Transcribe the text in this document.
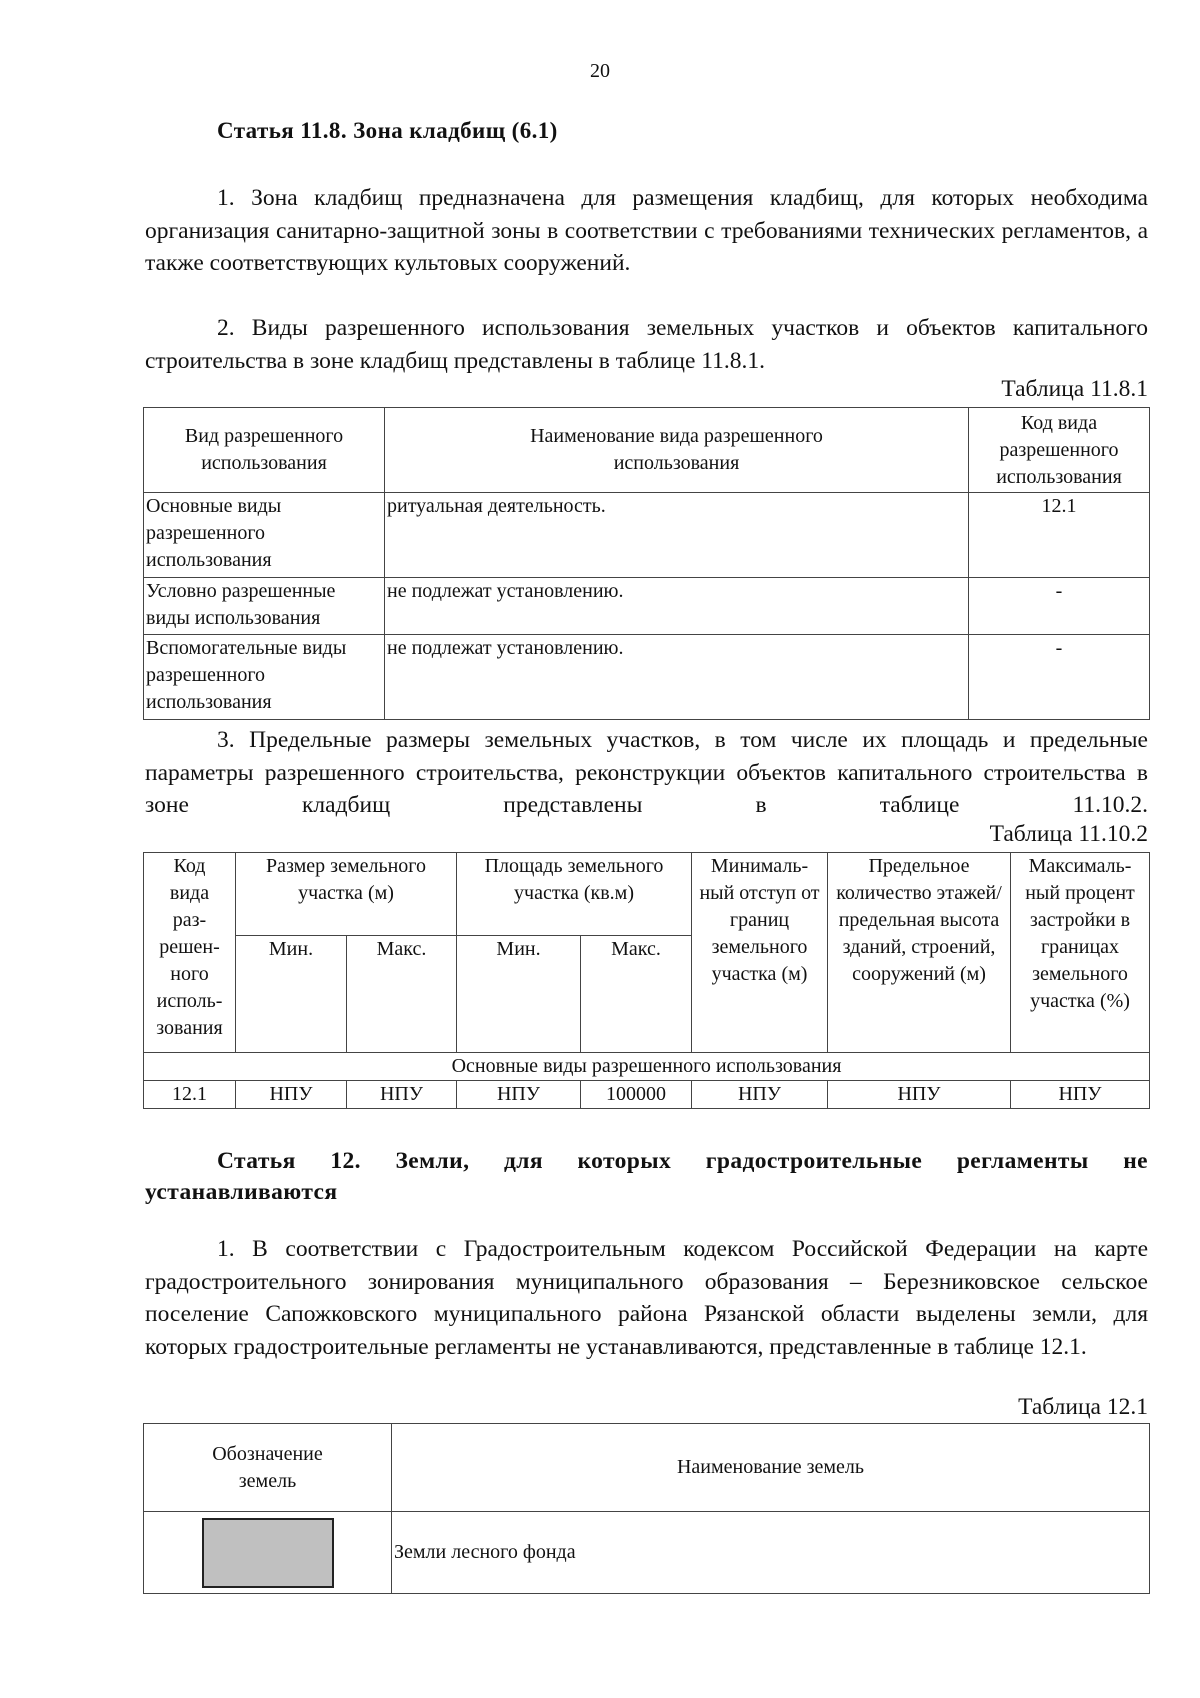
20
Статья 11.8. Зона кладбищ (6.1)
1. Зона кладбищ предназначена для размещения кладбищ, для которых необходима организация санитарно-защитной зоны в соответствии с требованиями технических регламентов, а также соответствующих культовых сооружений.
2. Виды разрешенного использования земельных участков и объектов капитального строительства в зоне кладбищ представлены в таблице 11.8.1.
Таблица 11.8.1
Вид разрешенного использования	Наименование вида разрешенного использования	Код вида разрешенного использования
Основные виды разрешенного использования	ритуальная деятельность.	12.1
Условно разрешенные виды использования	не подлежат установлению.	-
Вспомогательные виды разрешенного использования	не подлежат установлению.	-
3. Предельные размеры земельных участков, в том числе их площадь и предельные параметры разрешенного строительства, реконструкции объектов капитального строительства в зоне кладбищ представлены в таблице 11.10.2.
Таблица 11.10.2
Код вида раз-решен-ного исполь-зования	Размер земельного участка (м)		Площадь земельного участка (кв.м)		Минималь-ный отступ от границ земельного участка (м)	Предельное количество этажей/ предельная высота зданий, строений, сооружений (м)	Максималь-ный процент застройки в границах земельного участка (%)
	Мин.	Макс.	Мин.	Макс.			
Основные виды разрешенного использования							
12.1	НПУ	НПУ	НПУ	100000	НПУ	НПУ	НПУ
Статья 12. Земли, для которых градостроительные регламенты не устанавливаются
1. В соответствии с Градостроительным кодексом Российской Федерации на карте градостроительного зонирования муниципального образования – Березниковское сельское поселение Сапожковского муниципального района Рязанской области выделены земли, для которых градостроительные регламенты не устанавливаются, представленные в таблице 12.1.
Таблица 12.1
Обозначение земель	Наименование земель

	Земли лесного фонда
